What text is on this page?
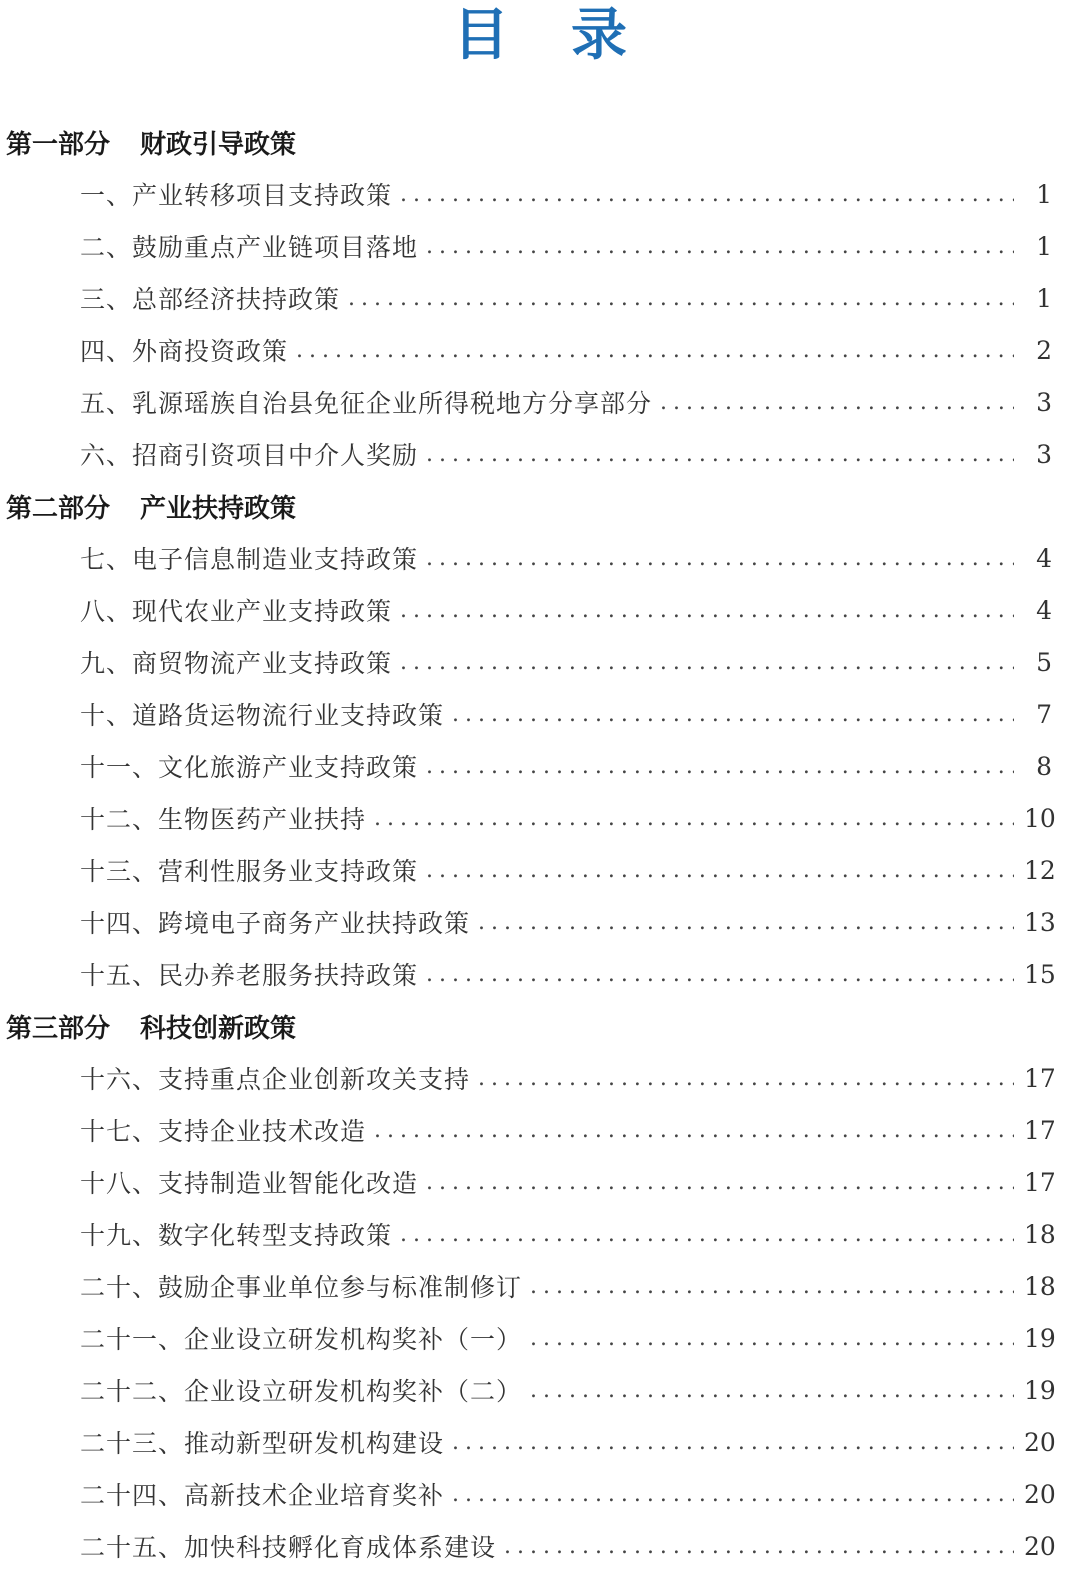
目录
第一部分 财政引导政策
一、产业转移项目支持政策 .....	1
二、鼓励重点产业链项目落地 .....	1
三、总部经济扶持政策 .....	1
四、外商投资政策 .....	2
五、乳源瑶族自治县免征企业所得税地方分享部分 .....	3
六、招商引资项目中介人奖励 .....	3
第二部分 产业扶持政策
七、电子信息制造业支持政策 .....	4
八、现代农业产业支持政策 .....	4
九、商贸物流产业支持政策 .....	5
十、道路货运物流行业支持政策 .....	7
十一、文化旅游产业支持政策 .....	8
十二、生物医药产业扶持 .....	10
十三、营利性服务业支持政策 .....	12
十四、跨境电子商务产业扶持政策 .....	13
十五、民办养老服务扶持政策 .....	15
第三部分 科技创新政策
十六、支持重点企业创新攻关支持 .....	17
十七、支持企业技术改造 .....	17
十八、支持制造业智能化改造 .....	17
十九、数字化转型支持政策 .....	18
二十、鼓励企事业单位参与标准制修订 .....	18
二十一、企业设立研发机构奖补（一） .....	19
二十二、企业设立研发机构奖补（二） .....	19
二十三、推动新型研发机构建设 .....	20
二十四、高新技术企业培育奖补 .....	20
二十五、加快科技孵化育成体系建设 .....	20
